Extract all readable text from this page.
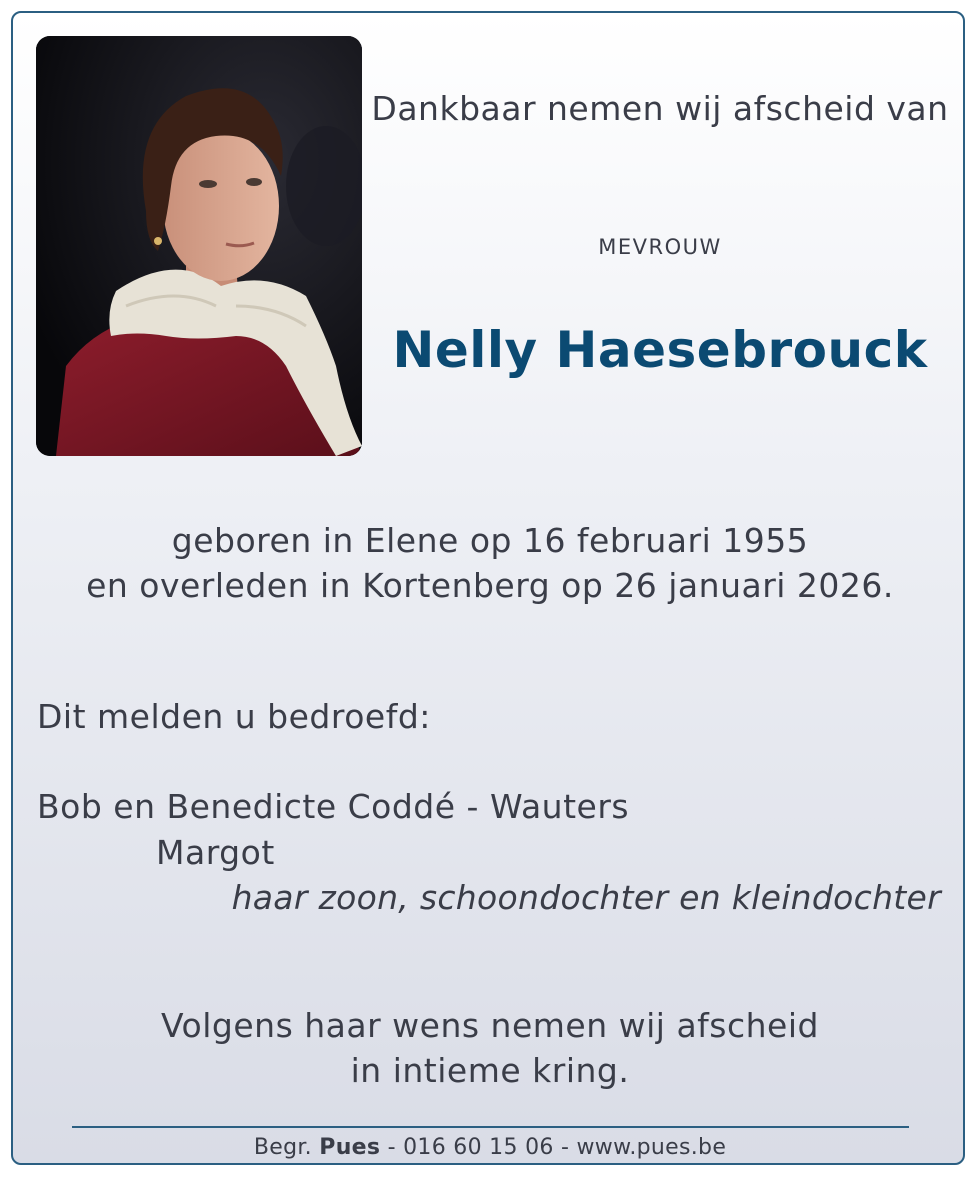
Dankbaar nemen wij afscheid van
MEVROUW
Nelly Haesebrouck
geboren in Elene op 16 februari 1955
en overleden in Kortenberg op 26 januari 2026.
Dit melden u bedroefd:
Bob en Benedicte Coddé - Wauters
Margot
haar zoon, schoondochter en kleindochter
Volgens haar wens nemen wij afscheid
in intieme kring.
Begr. Pues - 016 60 15 06 - www.pues.be
